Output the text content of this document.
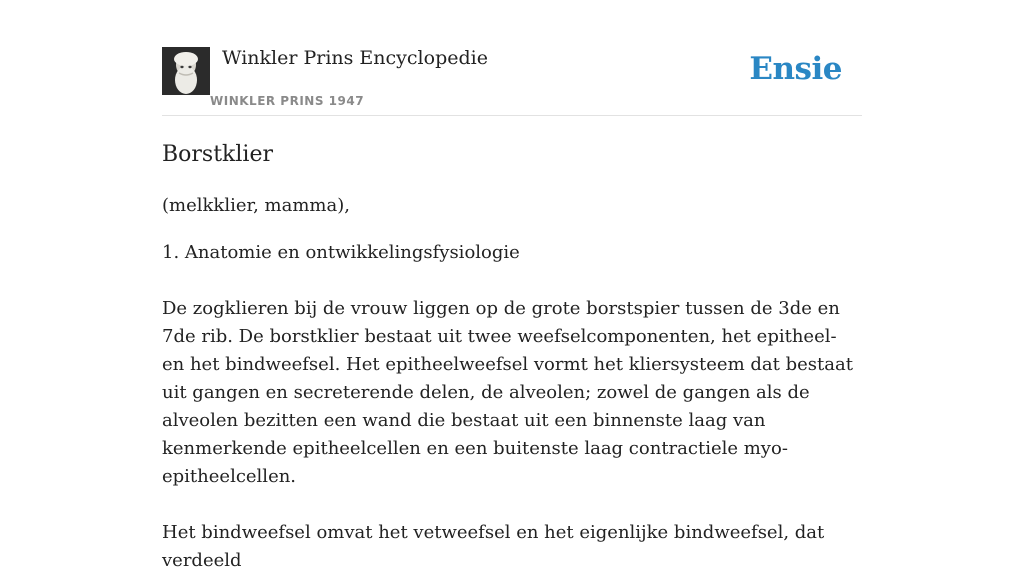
Winkler Prins Encyclopedie
WINKLER PRINS 1947
Ensie
Borstklier

(melkklier, mamma),

1. Anatomie en ontwikkelingsfysiologie

De zogklieren bij de vrouw liggen op de grote borstspier tussen de 3de en 7de rib. De borstklier bestaat uit twee weefselcomponenten, het epitheel- en het bindweefsel. Het epitheelweefsel vormt het kliersysteem dat bestaat uit gangen en secreterende delen, de alveolen; zowel de gangen als de alveolen bezitten een wand die bestaat uit een binnenste laag van kenmerkende epitheelcellen en een buitenste laag contractiele myo-epitheelcellen.

Het bindweefsel omvat het vetweefsel en het eigenlijke bindweefsel, dat verdeeld
